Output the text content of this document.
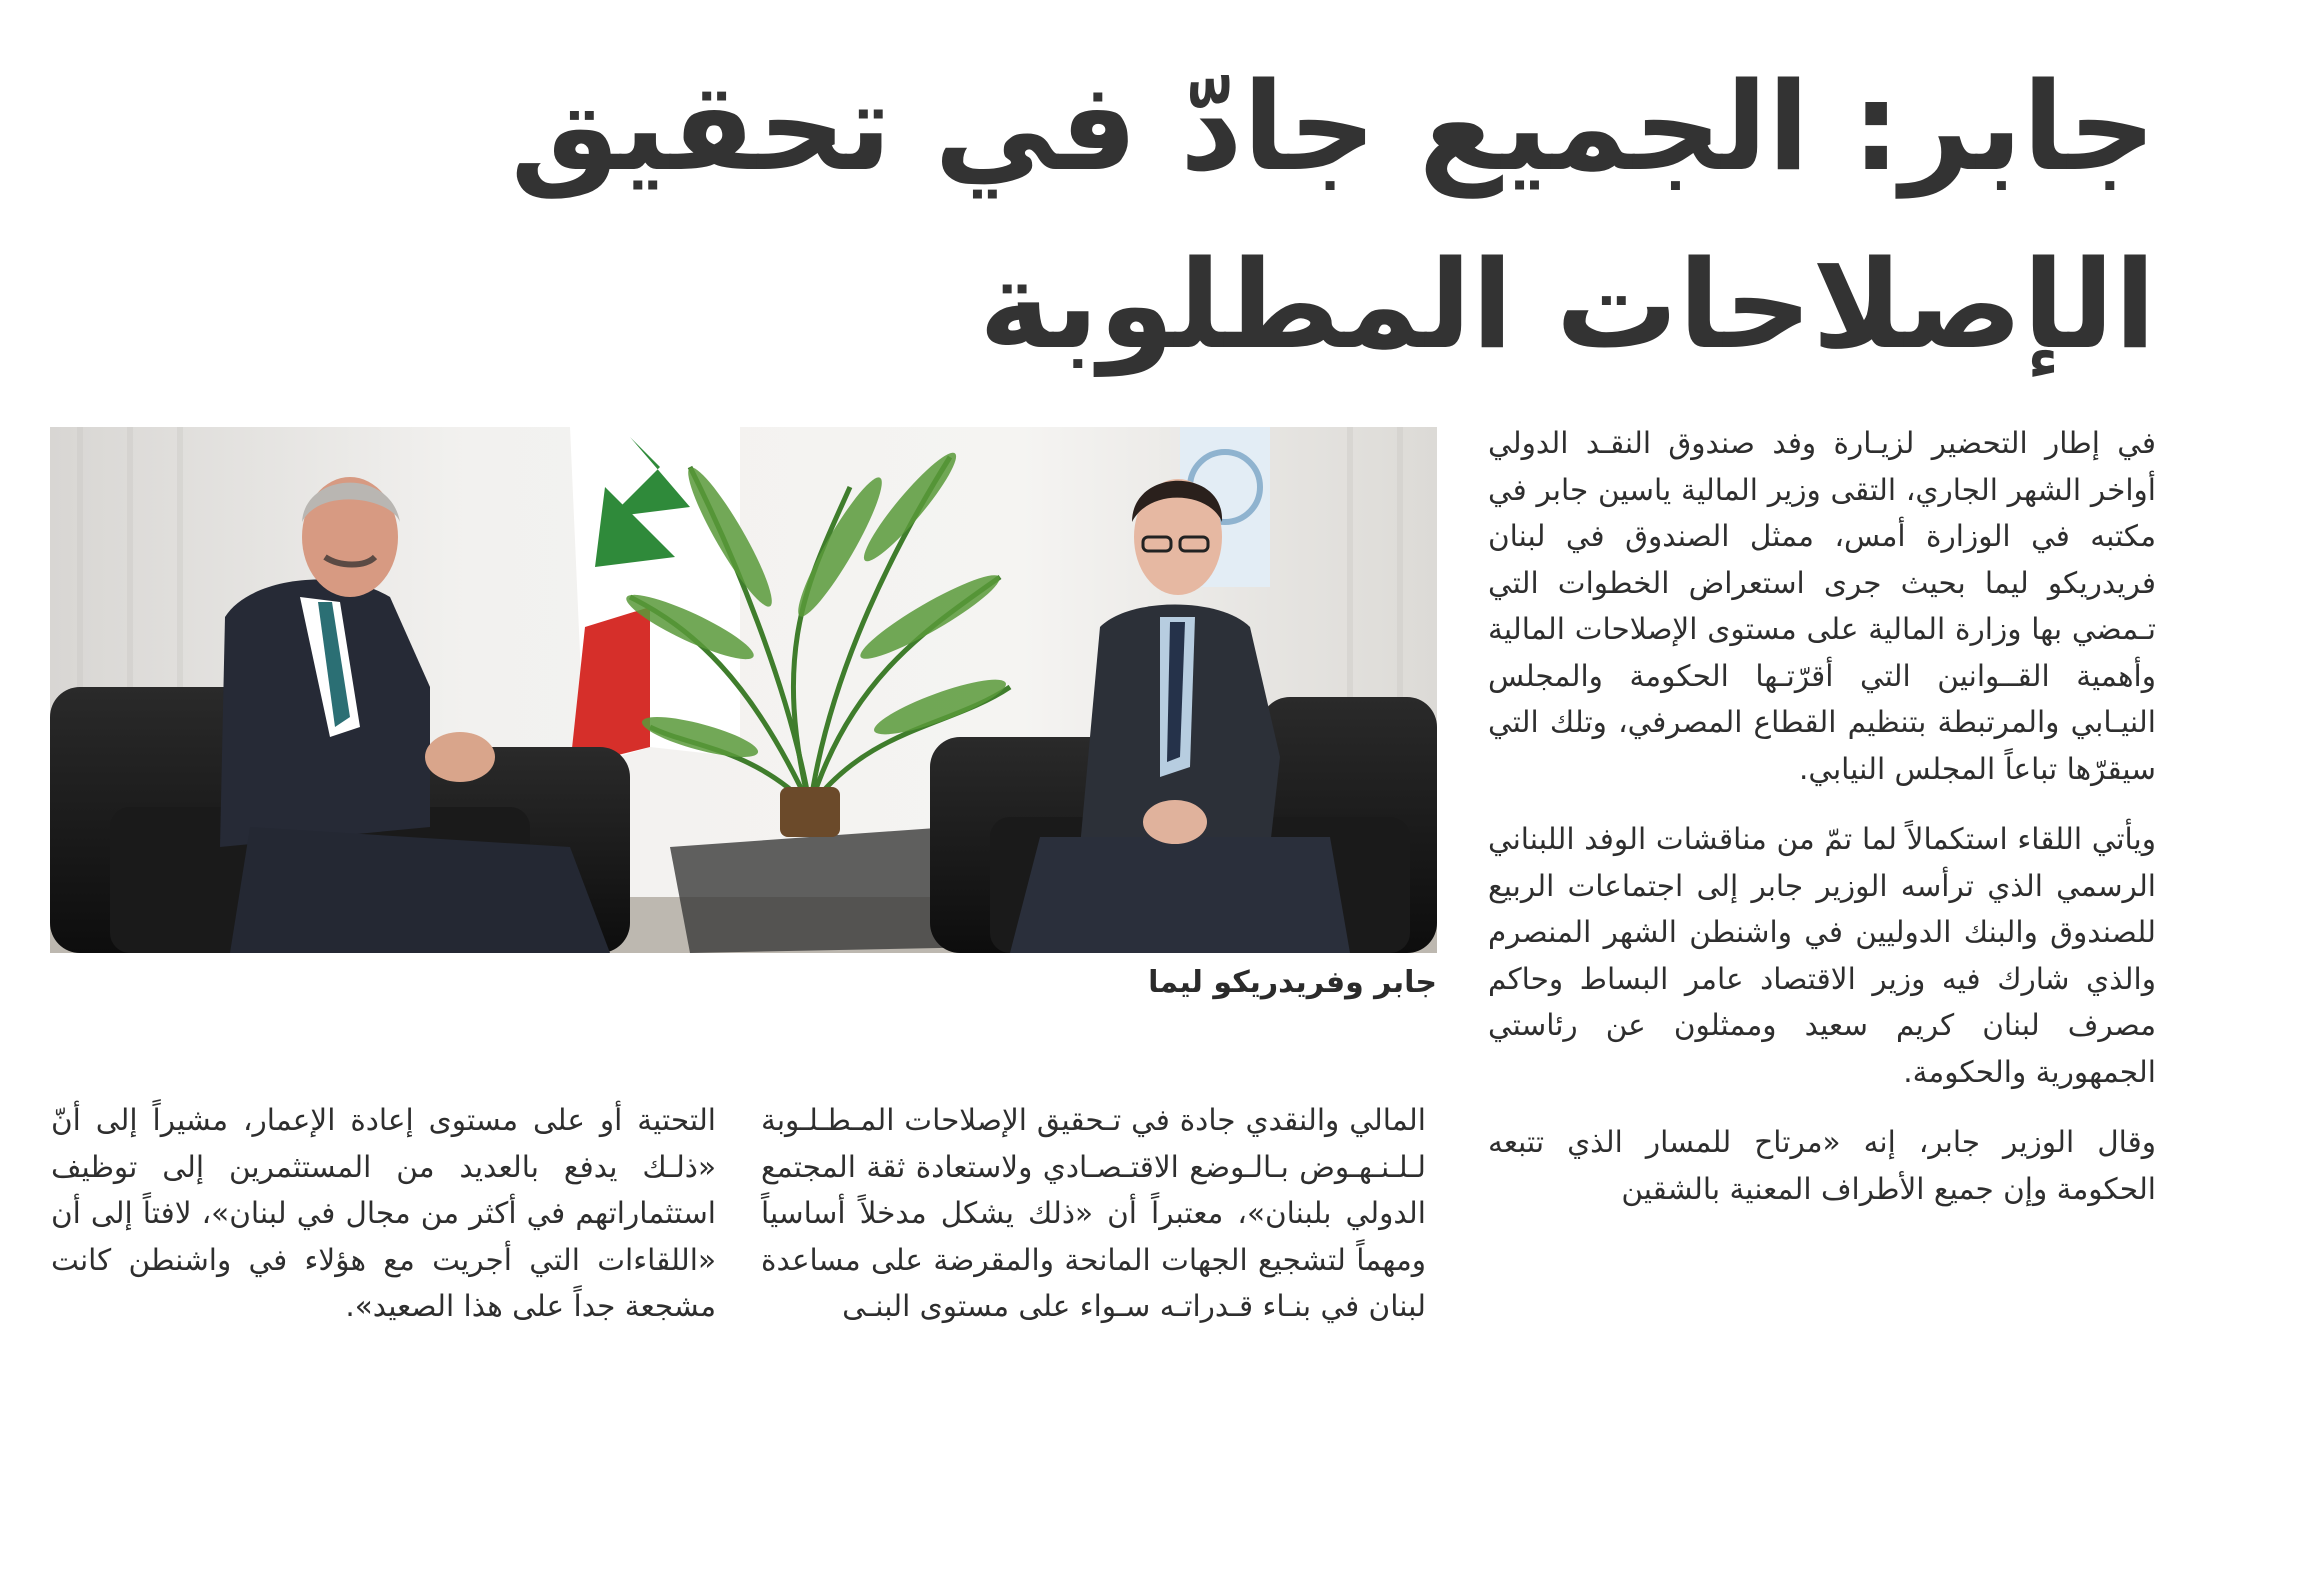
جابر: الجميع جادّ في تحقيق
الإصلاحات المطلوبة

في إطار التحضير لزيـارة وفد صندوق النقـد الدولي أواخر الشهر الجاري، التقى وزير المالية ياسين جابر في مكتبه في الوزارة أمس، ممثل الصندوق في لبنان فريدريكو ليما بحيث جرى استعراض الخطوات التي تـمضي بها وزارة المالية على مستوى الإصلاحات المالية وأهمية القــوانين التي أقرّتـها الحكومة والمجلس النيـابي والمرتبطة بتنظيم القطاع المصرفي، وتلك التي سيقرّها تباعاً المجلس النيابي.

ويأتي اللقاء استكمالاً لما تمّ من مناقشات الوفد اللبناني الرسمي الذي ترأسه الوزير جابر إلى اجتماعات الربيع للصندوق والبنك الدوليين في واشنطن الشهر المنصرم والذي شارك فيه وزير الاقتصاد عامر البساط وحاكم مصرف لبنان كريم سعيد وممثلون عن رئاستي الجمهورية والحكومة.

وقال الوزير جابر، إنه «مرتاح للمسار الذي تتبعه الحكومة وإن جميع الأطراف المعنية بالشقين

جابر وفريدريكو ليما

المالي والنقدي جادة في تـحقيق الإصلاحات المـطـلـوبة لـلـنـهـوض بـالـوضع الاقتـصـادي ولاستعادة ثقة المجتمع الدولي بلبنان»، معتبراً أن «ذلك يشكل مدخلاً أساسياً ومهماً لتشجيع الجهات المانحة والمقرضة على مساعدة لبنان في بنـاء قـدراتـه سـواء على مستوى البنـى

التحتية أو على مستوى إعادة الإعمار، مشيراً إلى أنّ «ذلـك يدفع بالعديد من المستثمرين إلى توظيف استثماراتهم في أكثر من مجال في لبنان»، لافتاً إلى أن «اللقاءات التي أجريت مع هؤلاء في واشنطن كانت مشجعة جداً على هذا الصعيد».
